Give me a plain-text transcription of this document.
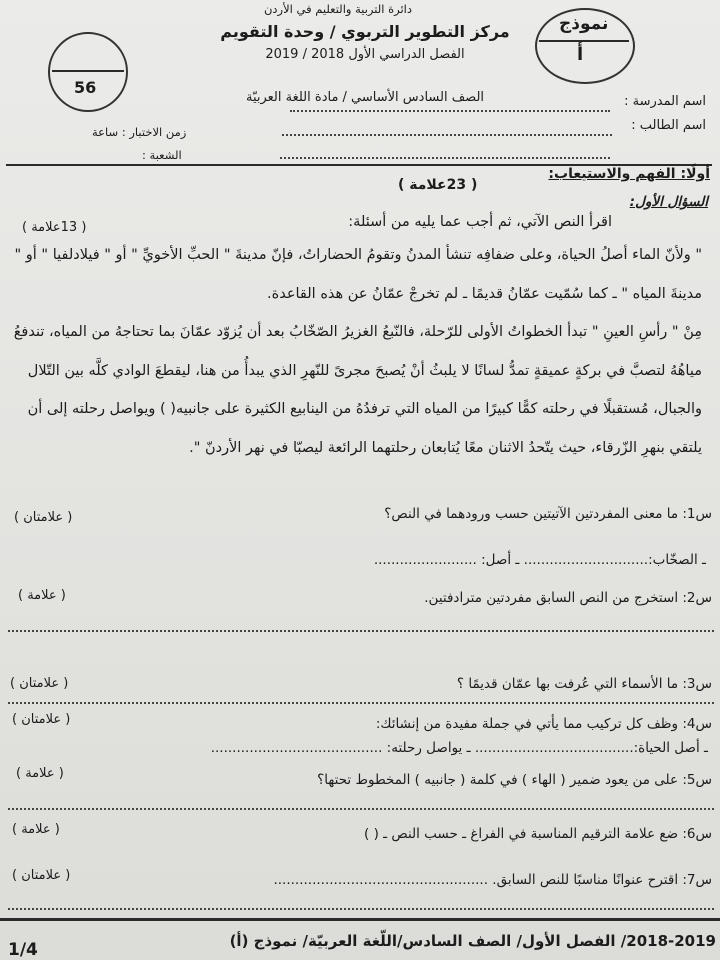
نموذج
أ
56
دائرة التربية والتعليم في الأردن
مركز التطوير التربوي / وحدة التقويم
الفصل الدراسي الأول 2018 / 2019
الصف السادس الأساسي / مادة اللغة العربيّة	اسم المدرسة :
اسم الطالب :
زمن الاختبار : ساعة
الشعبة :
أولًا: الفهم والاستيعاب:
( 23علامة )
السؤال الأول:
اقرأ النص الآتي، ثم أجب عما يليه من أسئلة:
( 13علامة )
" ولأنّ الماء أصلُ الحياة، وعلى ضفافِه تنشأ المدنُ وتقومُ الحضاراتُ، فإنّ مدينةَ " الحبِّ الأخويِّ " أو " فيلادلفيا " أو "
مدينةَ المياه " ـ كما سُمّيت عمّانُ قديمًا ـ لم تخرجْ عمّانُ عن هذه القاعدة.
مِنْ " رأسِ العينِ " تبدأ الخطواتُ الأولى للرّحلة، فالنّبعُ الغزيرُ الصّخّابُ بعد أن يُزوّد عمّانَ بما تحتاجهُ من المياه، تندفعُ
مياهُهُ لتصبَّ في بركةٍ عميقةٍ تمدُّ لسانًا لا يلبثُ أنْ يُصبحَ مجرىً للنّهرِ الذي يبدأُ من هنا، ليقطعَ الوادي كلَّه بين التّلال
والجبال، مُستقبلًا في رحلته كمًّا كبيرًا من المياه التي ترفدُهُ من الينابيع الكثيرة على جانبيه( ) ويواصل رحلته إلى أن
يلتقي بنهرِ الزّرقاء، حيث يتّحدُ الاثنان معًا يُتابعان رحلتهما الرائعة ليصبّا في نهر الأردنّ ".
س1: ما معنى المفردتين الآتيتين حسب ورودهما في النص؟
( علامتان )
ـ الصخّاب:............................. ـ أصل: ........................
س2: استخرج من النص السابق مفردتين مترادفتين.
( علامة )
س3: ما الأسماء التي عُرفت بها عمّان قديمًا ؟
( علامتان )
س4: وظف كل تركيب مما يأتي في جملة مفيدة من إنشائك:
( علامتان )
ـ أصل الحياة:..................................... ـ يواصل رحلته: ........................................
س5: على من يعود ضمير ( الهاء ) في كلمة ( جانبيه ) المخطوط تحتها؟
( علامة )
س6: ضع علامة الترقيم المناسبة في الفراغ ـ حسب النص ـ ( )
( علامة )
س7: اقترح عنوانًا مناسبًا للنص السابق. ..................................................
( علامتان )
2018-2019/ الفصل الأول/ الصف السادس/اللّغة العربيّة/ نموذج (أ)
1/4
